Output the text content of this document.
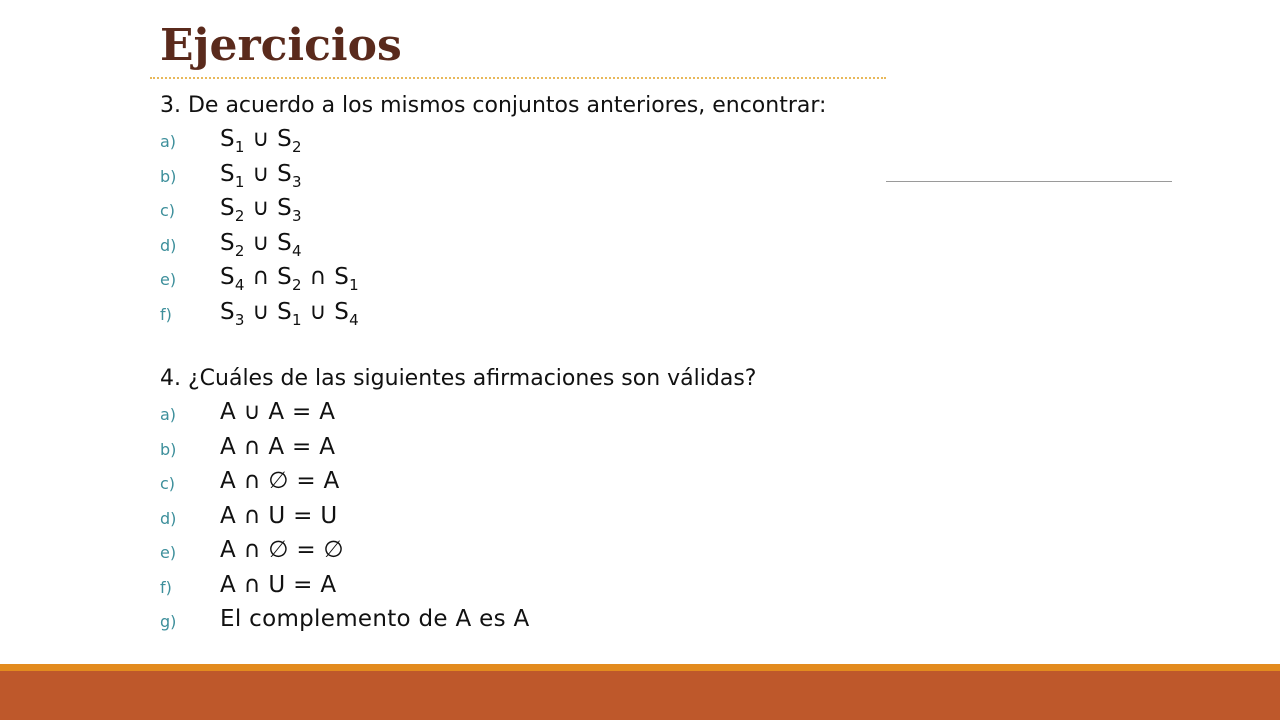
Ejercicios

3. De acuerdo a los mismos conjuntos anteriores, encontrar:

a) $S_1$ ∪ $S_2$
b) $S_1$ ∪ $S_3$
c) $S_2$ ∪ $S_3$
d) $S_2$ ∪ $S_4$
e) $S_4$ ∩ $S_2$ ∩ $S_1$
f) $S_3$ ∪ $S_1$ ∪ $S_4$

4. ¿Cuáles de las siguientes afirmaciones son válidas?

a) A ∪ A = A
b) A ∩ A = A
c) A ∩ ∅ = A
d) A ∩ U = U
e) A ∩ ∅ = ∅
f) A ∩ U = A
g) El complemento de A es A
